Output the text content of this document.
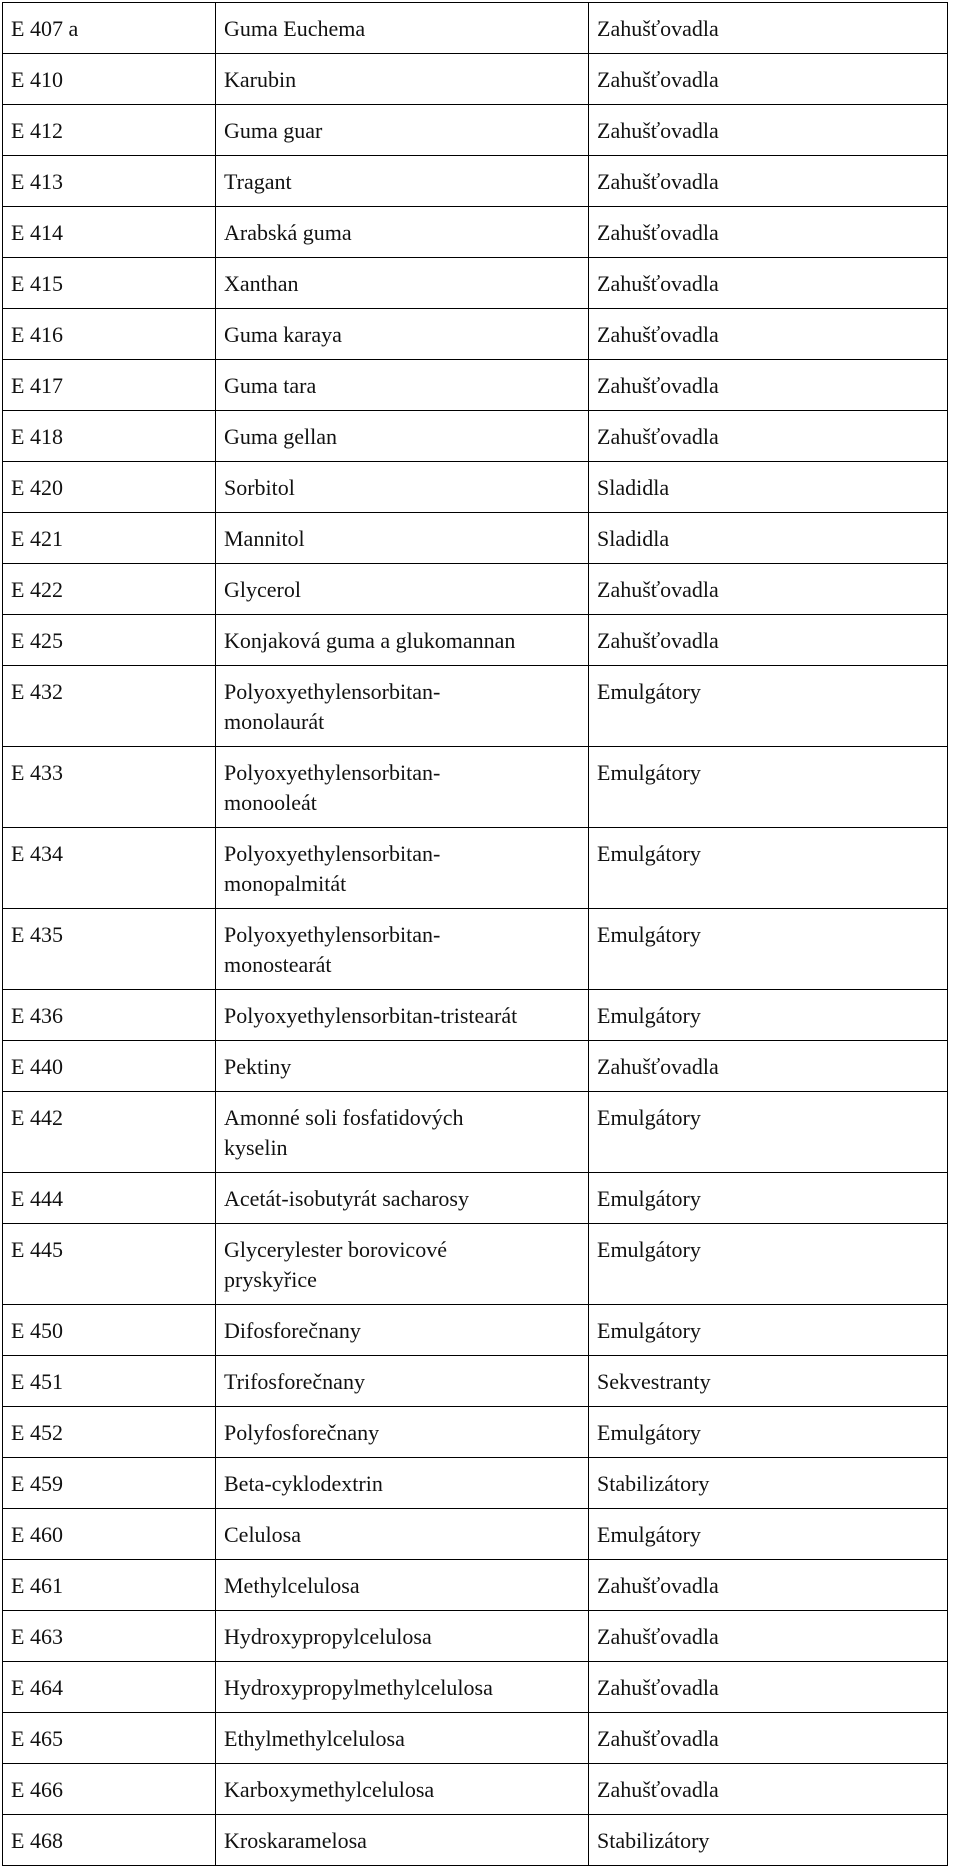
E 407 a	Guma Euchema	Zahušťovadla
E 410	Karubin	Zahušťovadla
E 412	Guma guar	Zahušťovadla
E 413	Tragant	Zahušťovadla
E 414	Arabská guma	Zahušťovadla
E 415	Xanthan	Zahušťovadla
E 416	Guma karaya	Zahušťovadla
E 417	Guma tara	Zahušťovadla
E 418	Guma gellan	Zahušťovadla
E 420	Sorbitol	Sladidla
E 421	Mannitol	Sladidla
E 422	Glycerol	Zahušťovadla
E 425	Konjaková guma a glukomannan	Zahušťovadla
E 432	Polyoxyethylensorbitan-monolaurát	Emulgátory
E 433	Polyoxyethylensorbitan-monooleát	Emulgátory
E 434	Polyoxyethylensorbitan-monopalmitát	Emulgátory
E 435	Polyoxyethylensorbitan-monostearát	Emulgátory
E 436	Polyoxyethylensorbitan-tristearát	Emulgátory
E 440	Pektiny	Zahušťovadla
E 442	Amonné soli fosfatidových kyselin	Emulgátory
E 444	Acetát-isobutyrát sacharosy	Emulgátory
E 445	Glycerylester borovicové pryskyřice	Emulgátory
E 450	Difosforečnany	Emulgátory
E 451	Trifosforečnany	Sekvestranty
E 452	Polyfosforečnany	Emulgátory
E 459	Beta-cyklodextrin	Stabilizátory
E 460	Celulosa	Emulgátory
E 461	Methylcelulosa	Zahušťovadla
E 463	Hydroxypropylcelulosa	Zahušťovadla
E 464	Hydroxypropylmethylcelulosa	Zahušťovadla
E 465	Ethylmethylcelulosa	Zahušťovadla
E 466	Karboxymethylcelulosa	Zahušťovadla
E 468	Kroskaramelosa	Stabilizátory
